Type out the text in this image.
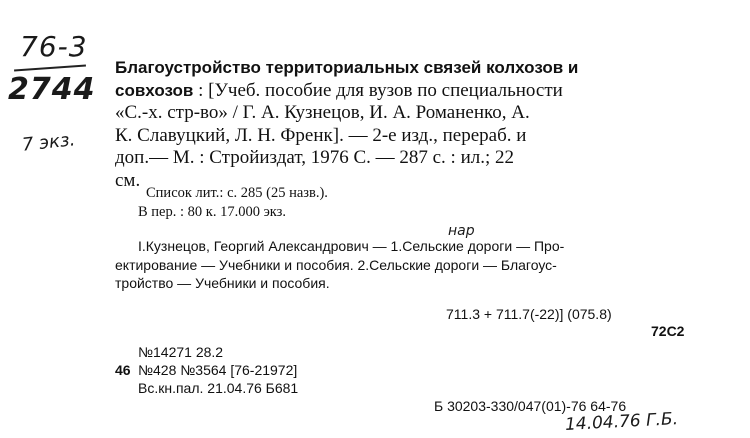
76-3
2744
7 экз.
нар
14.04.76 Г.Б.
Благоустройство территориальных связей колхозов и
совхозов : [Учеб. пособие для вузов по специальности
«С.-х. стр-во» / Г. А. Кузнецов, И. А. Романенко, А.
К. Славуцкий, Л. Н. Френк]. — 2-е изд., перераб. и
доп.— М. : Стройиздат, 1976 С. — 287 с. : ил.; 22
см.
Список лит.: с. 285 (25 назв.).
В пер. : 80 к. 17.000 экз.
I.Кузнецов, Георгий Александрович — 1.Сельские дороги — Про-
ектирование — Учебники и пособия. 2.Сельские дороги — Благоус-
тройство — Учебники и пособия.
711.3 + 711.7(-22)] (075.8)
72С2
№14271 28.2
46 №428 №3564 [76-21972]
Вс.кн.пал. 21.04.76 Б681
Б 30203-330/047(01)-76 64-76
